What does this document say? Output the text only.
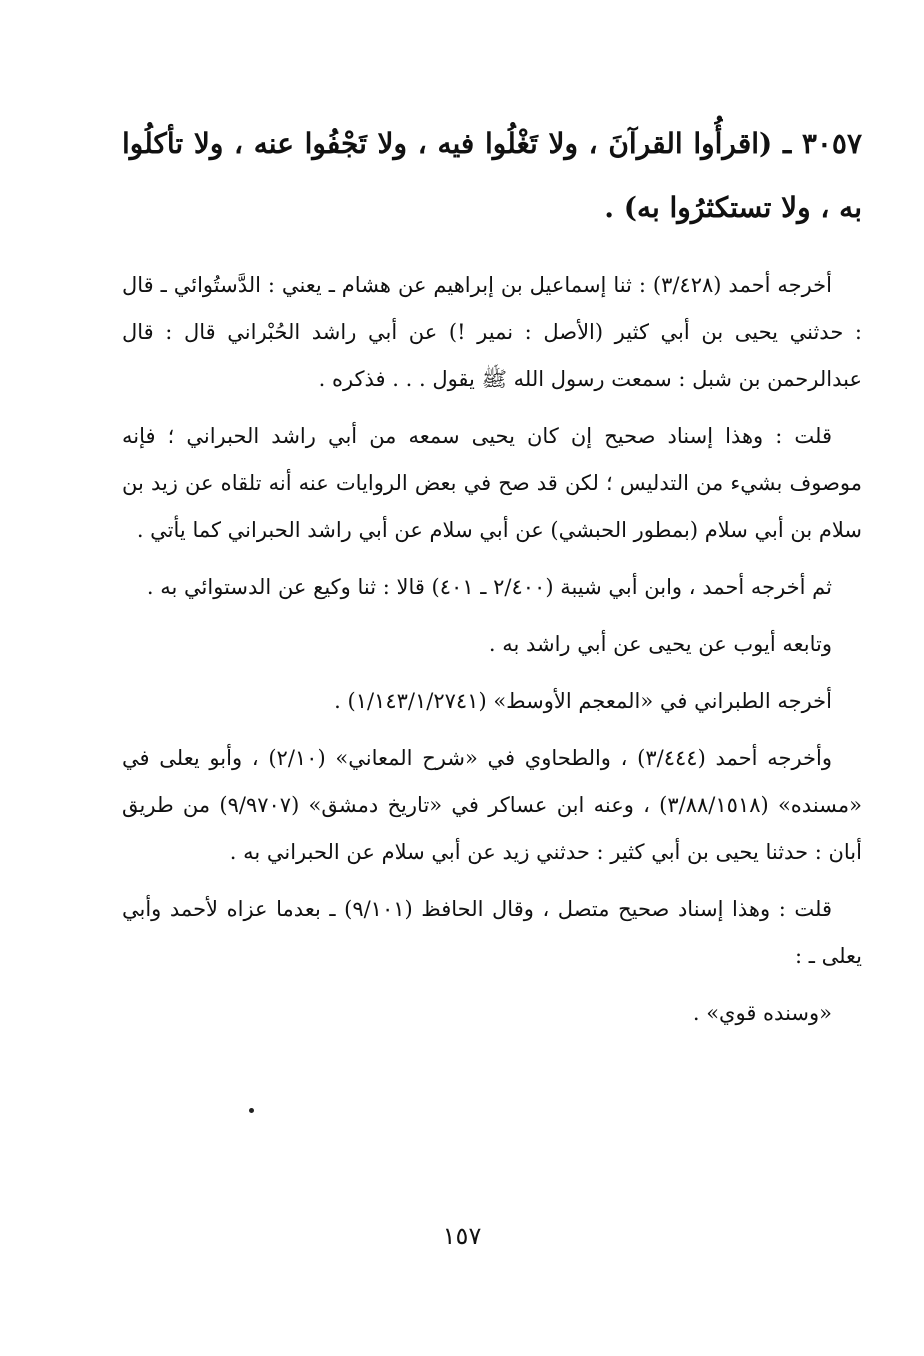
٣٠٥٧ ـ (اقرأُوا القرآنَ ، ولا تَغْلُوا فيه ، ولا تَجْفُوا عنه ، ولا تأكلُوا به ، ولا تستكثرُوا به) .

أخرجه أحمد (٣/٤٢٨) : ثنا إسماعيل بن إبراهيم عن هشام ـ يعني : الدَّستُوائي ـ قال : حدثني يحيى بن أبي كثير (الأصل : نمير !) عن أبي راشد الحُبْراني قال : قال عبدالرحمن بن شبل : سمعت رسول الله ﷺ يقول . . . فذكره .

قلت : وهذا إسناد صحيح إن كان يحيى سمعه من أبي راشد الحبراني ؛ فإنه موصوف بشيء من التدليس ؛ لكن قد صح في بعض الروايات عنه أنه تلقاه عن زيد بن سلام بن أبي سلام (بمطور الحبشي) عن أبي سلام عن أبي راشد الحبراني كما يأتي .

ثم أخرجه أحمد ، وابن أبي شيبة (٢/٤٠٠ ـ ٤٠١) قالا : ثنا وكيع عن الدستوائي به .

وتابعه أيوب عن يحيى عن أبي راشد به .

أخرجه الطبراني في «المعجم الأوسط» (١/١٤٣/١/٢٧٤١) .

وأخرجه أحمد (٣/٤٤٤) ، والطحاوي في «شرح المعاني» (٢/١٠) ، وأبو يعلى في «مسنده» (٣/٨٨/١٥١٨) ، وعنه ابن عساكر في «تاريخ دمشق» (٩/٩٧٠٧) من طريق أبان : حدثنا يحيى بن أبي كثير : حدثني زيد عن أبي سلام عن الحبراني به .

قلت : وهذا إسناد صحيح متصل ، وقال الحافظ (٩/١٠١) ـ بعدما عزاه لأحمد وأبي يعلى ـ :

«وسنده قوي» .

١٥٧
